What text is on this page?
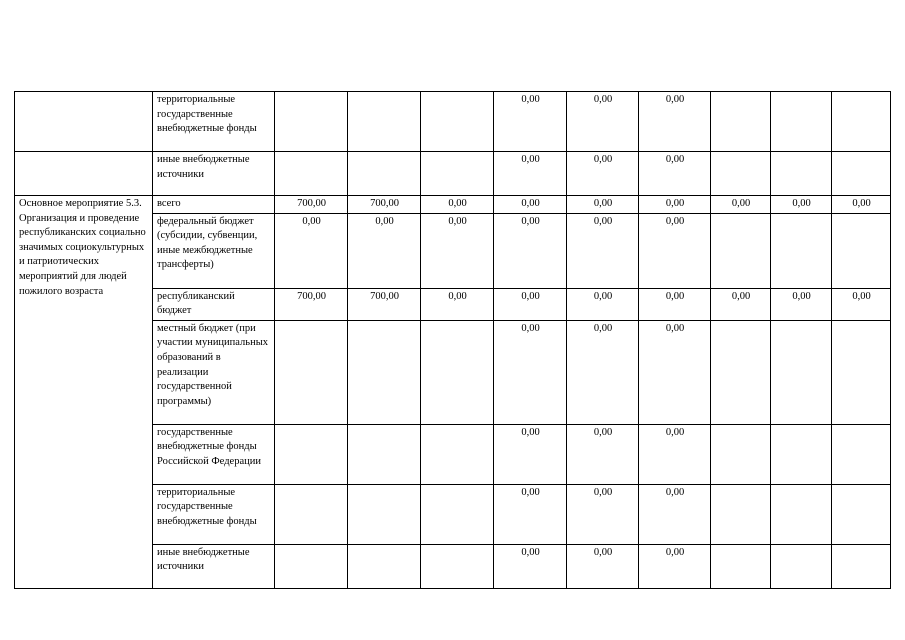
	территориальные государственные внебюджетные фонды				0,00	0,00	0,00			
	иные внебюджетные источники				0,00	0,00	0,00			
Основное мероприятие 5.3. Организация и проведение республиканских социально значимых социокультурных и патриотических мероприятий для людей пожилого возраста	всего	700,00	700,00	0,00	0,00	0,00	0,00	0,00	0,00	0,00
	федеральный бюджет (субсидии, субвенции, иные межбюджетные трансферты)	0,00	0,00	0,00	0,00	0,00	0,00			
	республиканский бюджет	700,00	700,00	0,00	0,00	0,00	0,00	0,00	0,00	0,00
	местный бюджет (при участии муниципальных образований в реализации государственной программы)				0,00	0,00	0,00			
	государственные внебюджетные фонды Российской Федерации				0,00	0,00	0,00			
	территориальные государственные внебюджетные фонды				0,00	0,00	0,00			
	иные внебюджетные источники				0,00	0,00	0,00			
